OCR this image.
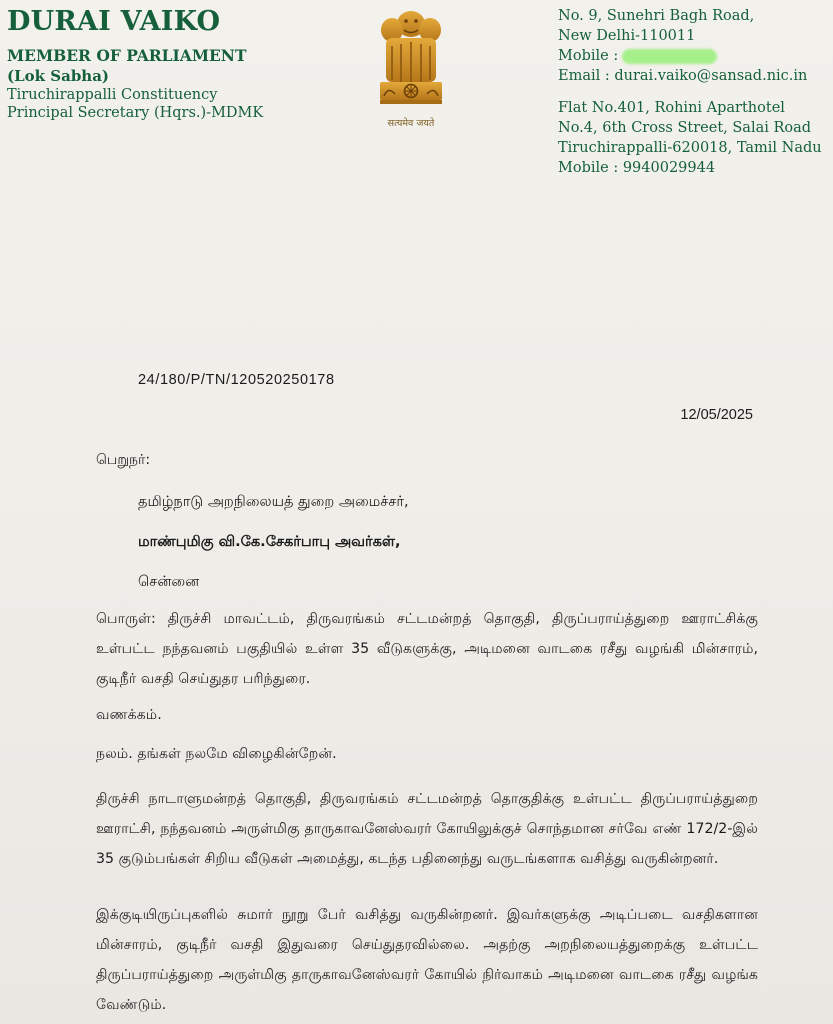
DURAI VAIKO
MEMBER OF PARLIAMENT
(Lok Sabha)
Tiruchirappalli Constituency
Principal Secretary (Hqrs.)-MDMK
सत्यमेव जयते
No. 9, Sunehri Bagh Road,
New Delhi-110011
Mobile :
Email : durai.vaiko@sansad.nic.in
Flat No.401, Rohini Aparthotel
No.4, 6th Cross Street, Salai Road
Tiruchirappalli-620018, Tamil Nadu
Mobile : 9940029944
24/180/P/TN/120520250178
12/05/2025
பெறுநர்:
தமிழ்நாடு அறநிலையத் துறை அமைச்சர்,
மாண்புமிகு வி.கே.சேகர்பாபு அவர்கள்,
சென்னை
பொருள்: திருச்சி மாவட்டம், திருவரங்கம் சட்டமன்றத் தொகுதி, திருப்பராய்த்துறை ஊராட்சிக்கு உள்பட்ட நந்தவனம் பகுதியில் உள்ள 35 வீடுகளுக்கு, அடிமனை வாடகை ரசீது வழங்கி மின்சாரம், குடிநீர் வசதி செய்துதர பரிந்துரை.
வணக்கம்.
நலம். தங்கள் நலமே விழைகின்றேன்.
திருச்சி நாடாளுமன்றத் தொகுதி, திருவரங்கம் சட்டமன்றத் தொகுதிக்கு உள்பட்ட திருப்பராய்த்துறை ஊராட்சி, நந்தவனம் அருள்மிகு தாருகாவனேஸ்வரர் கோயிலுக்குச் சொந்தமான சர்வே எண் 172/2-இல் 35 குடும்பங்கள் சிறிய வீடுகள் அமைத்து, கடந்த பதினைந்து வருடங்களாக வசித்து வருகின்றனர்.
இக்குடியிருப்புகளில் சுமார் நூறு பேர் வசித்து வருகின்றனர். இவர்களுக்கு அடிப்படை வசதிகளான மின்சாரம், குடிநீர் வசதி இதுவரை செய்துதரவில்லை. அதற்கு அறநிலையத்துறைக்கு உள்பட்ட திருப்பராய்த்துறை அருள்மிகு தாருகாவனேஸ்வரர் கோயில் நிர்வாகம் அடிமனை வாடகை ரசீது வழங்க வேண்டும்.
